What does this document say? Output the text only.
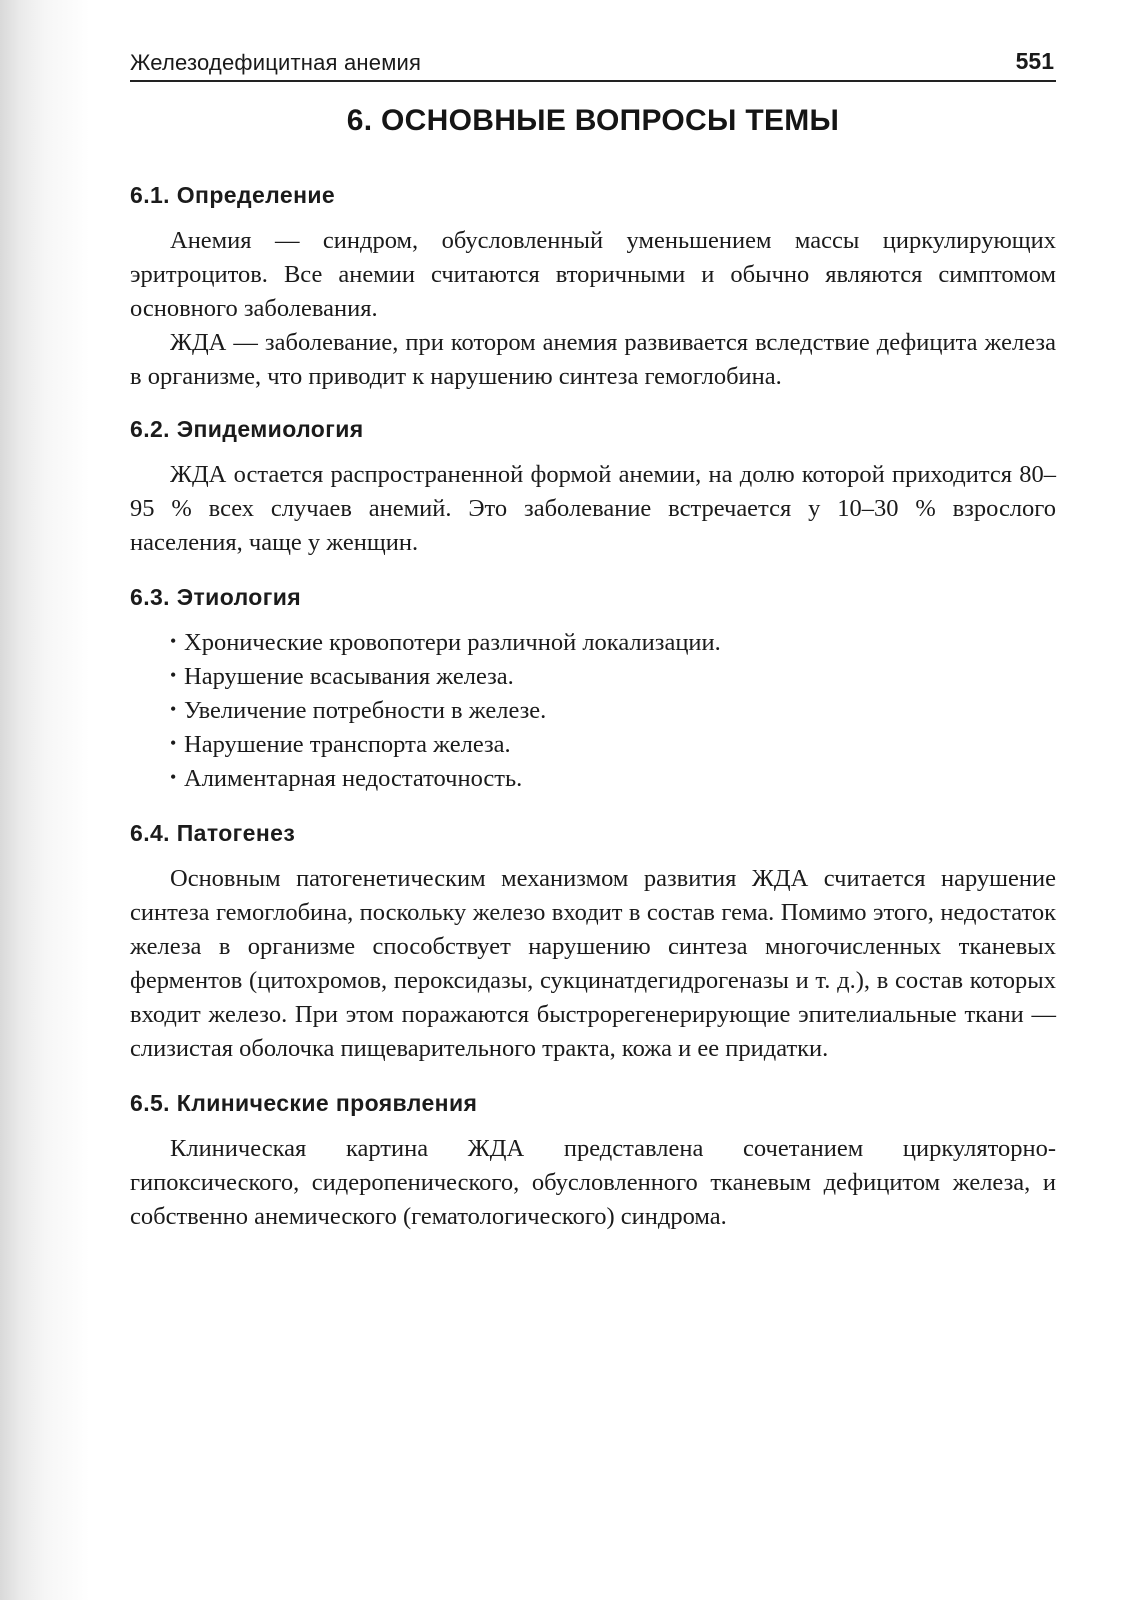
Железодефицитная анемия	551
6. ОСНОВНЫЕ ВОПРОСЫ ТЕМЫ
6.1. Определение

Анемия — синдром, обусловленный уменьшением массы циркулирующих эритроцитов. Все анемии считаются вторичными и обычно являются симптомом основного заболевания.

ЖДА — заболевание, при котором анемия развивается вследствие дефицита железа в организме, что приводит к нарушению синтеза гемоглобина.

6.2. Эпидемиология

ЖДА остается распространенной формой анемии, на долю которой приходится 80–95 % всех случаев анемий. Это заболевание встречается у 10–30 % взрослого населения, чаще у женщин.

6.3. Этиология
• Хронические кровопотери различной локализации.
• Нарушение всасывания железа.
• Увеличение потребности в железе.
• Нарушение транспорта железа.
• Алиментарная недостаточность.
6.4. Патогенез

Основным патогенетическим механизмом развития ЖДА считается нарушение синтеза гемоглобина, поскольку железо входит в состав гема. Помимо этого, недостаток железа в организме способствует нарушению синтеза многочисленных тканевых ферментов (цитохромов, пероксидазы, сукцинатдегидрогеназы и т. д.), в состав которых входит железо. При этом поражаются быстрорегенерирующие эпителиальные ткани — слизистая оболочка пищеварительного тракта, кожа и ее придатки.

6.5. Клинические проявления

Клиническая картина ЖДА представлена сочетанием циркуляторно-гипоксического, сидеропенического, обусловленного тканевым дефицитом железа, и собственно анемического (гематологического) синдрома.
